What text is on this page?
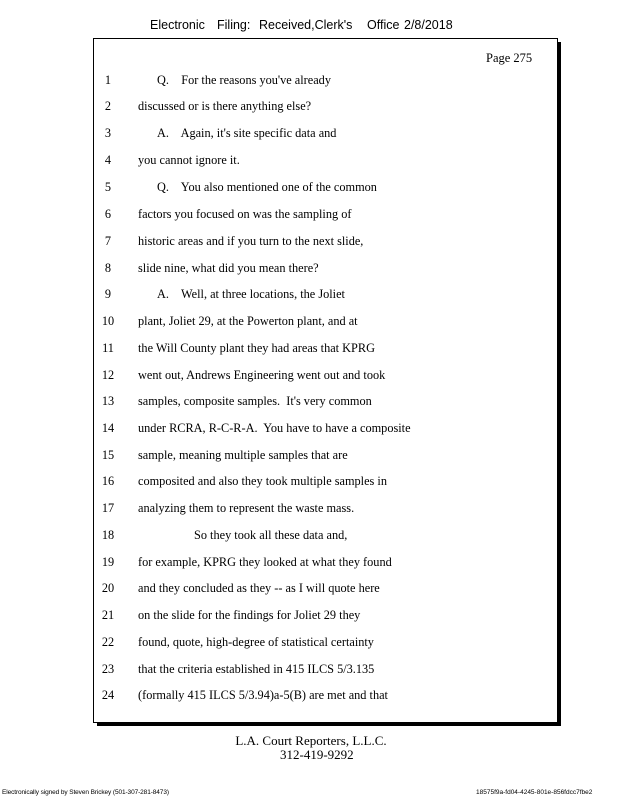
Electronic Filing: Received,Clerk's Office 2/8/2018
Page 275
1	Q.    For the reasons you've already
2	discussed or is there anything else?
3	A.    Again, it's site specific data and
4	you cannot ignore it.
5	Q.    You also mentioned one of the common
6	factors you focused on was the sampling of
7	historic areas and if you turn to the next slide,
8	slide nine, what did you mean there?
9	A.    Well, at three locations, the Joliet
10	plant, Joliet 29, at the Powerton plant, and at
11	the Will County plant they had areas that KPRG
12	went out, Andrews Engineering went out and took
13	samples, composite samples.  It's very common
14	under RCRA, R-C-R-A.  You have to have a composite
15	sample, meaning multiple samples that are
16	composited and also they took multiple samples in
17	analyzing them to represent the waste mass.
18	So they took all these data and,
19	for example, KPRG they looked at what they found
20	and they concluded as they -- as I will quote here
21	on the slide for the findings for Joliet 29 they
22	found, quote, high-degree of statistical certainty
23	that the criteria established in 415 ILCS 5/3.135
24	(formally 415 ILCS 5/3.94)a-5(B) are met and that
L.A. Court Reporters, L.L.C.
312-419-9292
Electronically signed by Steven Brickey (501-307-281-8473)	18575f9a-fd04-4245-801e-856fdcc7fbe2
